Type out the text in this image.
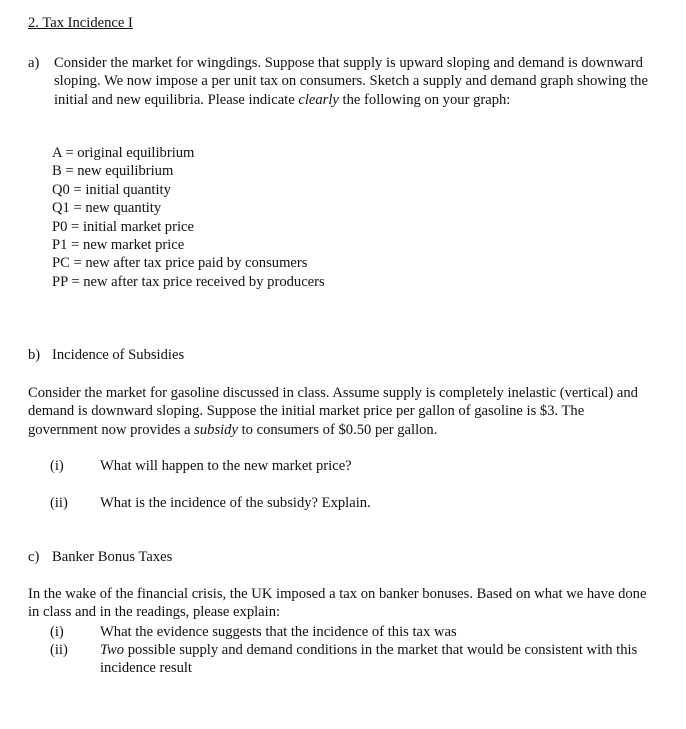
2. Tax Incidence I
a) Consider the market for wingdings. Suppose that supply is upward sloping and demand is downward sloping. We now impose a per unit tax on consumers. Sketch a supply and demand graph showing the initial and new equilibria. Please indicate clearly the following on your graph:
A = original equilibrium
B = new equilibrium
Q0 = initial quantity
Q1 = new quantity
P0 = initial market price
P1 = new market price
PC = new after tax price paid by consumers
PP = new after tax price received by producers
b) Incidence of Subsidies
Consider the market for gasoline discussed in class. Assume supply is completely inelastic (vertical) and demand is downward sloping. Suppose the initial market price per gallon of gasoline is $3. The government now provides a subsidy to consumers of $0.50 per gallon.
(i) What will happen to the new market price?
(ii) What is the incidence of the subsidy? Explain.
c) Banker Bonus Taxes
In the wake of the financial crisis, the UK imposed a tax on banker bonuses. Based on what we have done in class and in the readings, please explain:
(i) What the evidence suggests that the incidence of this tax was
(ii) Two possible supply and demand conditions in the market that would be consistent with this incidence result
